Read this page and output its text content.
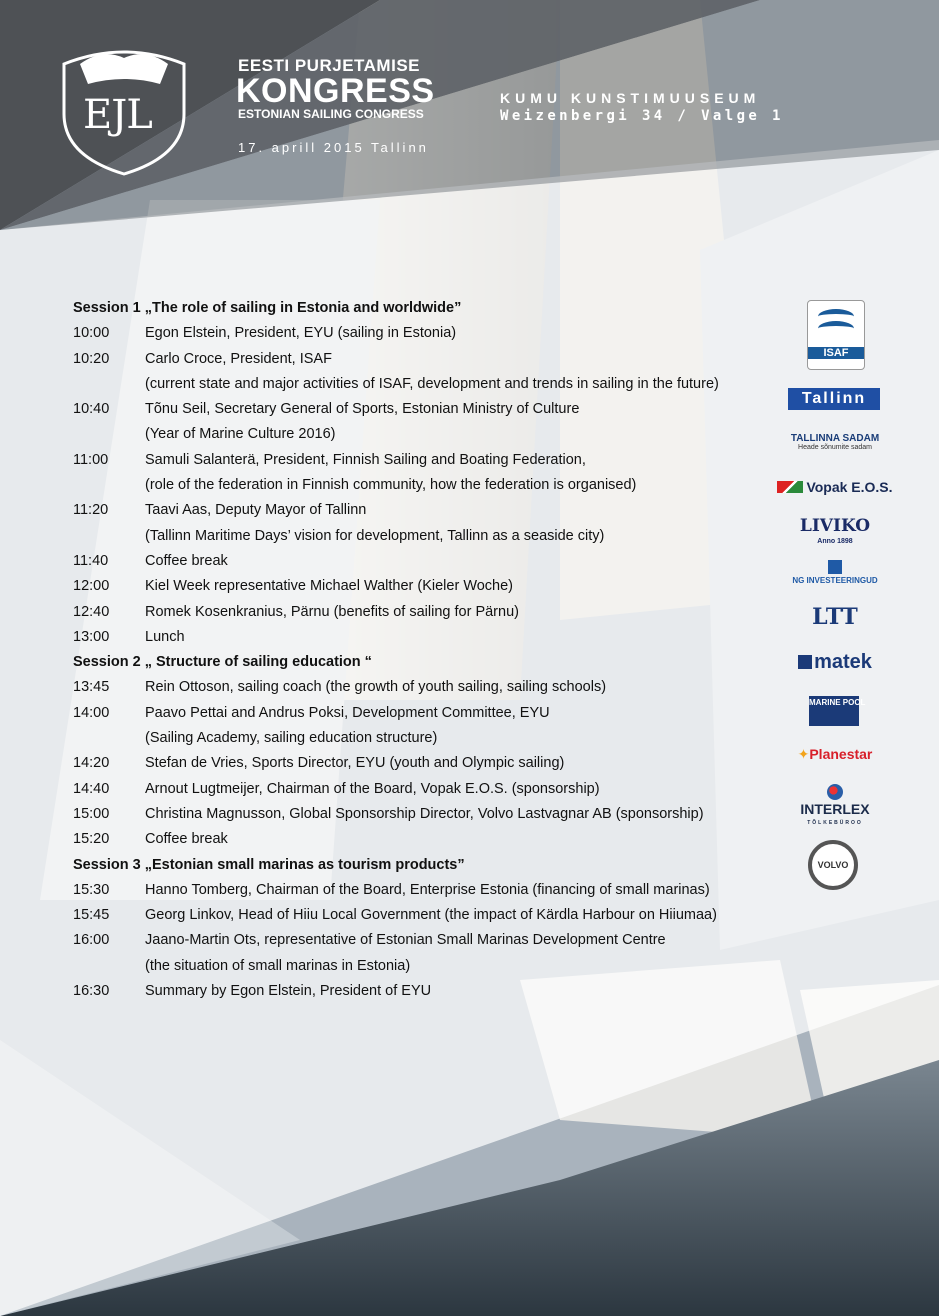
EJL
EESTI PURJETAMISE
KONGRESS
ESTONIAN SAILING CONGRESS
17. aprill 2015 Tallinn
KUMU KUNSTIMUUSEUM
Weizenbergi 34 / Valge 1
Session 1 „The role of sailing in Estonia and worldwide”
10:00	Egon Elstein, President, EYU (sailing in Estonia)
10:20	Carlo Croce, President, ISAF
(current state and major activities of ISAF, development and trends in sailing in the future)
10:40	Tõnu Seil, Secretary General of Sports, Estonian Ministry of Culture
(Year of Marine Culture 2016)
11:00	Samuli Salanterä, President, Finnish Sailing and Boating Federation,
(role of the federation in Finnish community, how the federation is organised)
11:20	Taavi Aas, Deputy Mayor of Tallinn
(Tallinn Maritime Days’ vision for development, Tallinn as a seaside city)
11:40	Coffee break
12:00	Kiel Week representative Michael Walther (Kieler Woche)
12:40	Romek Kosenkranius, Pärnu (benefits of sailing for Pärnu)
13:00	Lunch
Session 2 „ Structure of sailing education “
13:45	Rein Ottoson, sailing coach (the growth of youth sailing, sailing schools)
14:00	Paavo Pettai and Andrus Poksi, Development Committee, EYU
(Sailing Academy, sailing education structure)
14:20	Stefan de Vries, Sports Director, EYU (youth and Olympic sailing)
14:40	Arnout Lugtmeijer, Chairman of the Board, Vopak E.O.S. (sponsorship)
15:00	Christina Magnusson, Global Sponsorship Director, Volvo Lastvagnar AB (sponsorship)
15:20	Coffee break
Session 3 „Estonian small marinas as tourism products”
15:30	Hanno Tomberg, Chairman of the Board, Enterprise Estonia (financing of small marinas)
15:45	Georg Linkov, Head of Hiiu Local Government (the impact of Kärdla Harbour on Hiiumaa)
16:00	Jaano-Martin Ots, representative of Estonian Small Marinas Development Centre
(the situation of small marinas in Estonia)
16:30	Summary by Egon Elstein, President of EYU
ISAF
Tallinn
TALLINNA SADAM
Heade sõnumite sadam
Vopak E.O.S.
LIVIKO
Anno 1898
NG INVESTEERINGUD
LTT
matek
MARINE POOL
✦Planestar
INTERLEX
TÕLKEBÜROO
VOLVO
